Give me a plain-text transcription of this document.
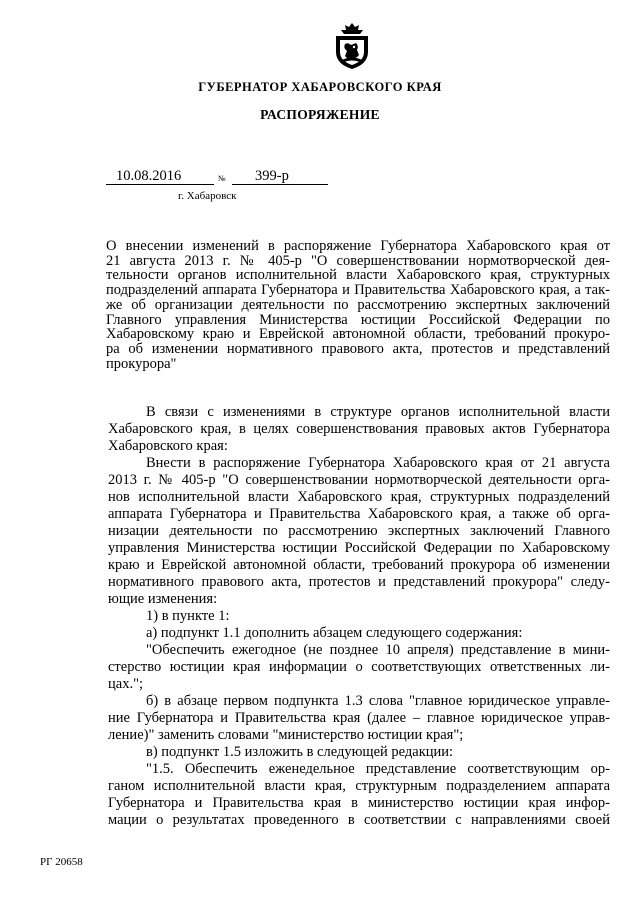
ГУБЕРНАТОР ХАБАРОВСКОГО КРАЯ
РАСПОРЯЖЕНИЕ
10.08.2016	№ 399-р
г. Хабаровск
О внесении изменений в распоряжение Губернатора Хабаровского края от
21 августа 2013 г. № 405-р "О совершенствовании нормотворческой дея-
тельности органов исполнительной власти Хабаровского края, структурных
подразделений аппарата Губернатора и Правительства Хабаровского края, а так-
же об организации деятельности по рассмотрению экспертных заключений
Главного управления Министерства юстиции Российской Федерации по
Хабаровскому краю и Еврейской автономной области, требований прокуро-
ра об изменении нормативного правового акта, протестов и представлений
прокурора"
В связи с изменениями в структуре органов исполнительной власти
Хабаровского края, в целях совершенствования правовых актов Губернатора
Хабаровского края:
Внести в распоряжение Губернатора Хабаровского края от 21 августа
2013 г. № 405-р "О совершенствовании нормотворческой деятельности орга-
нов исполнительной власти Хабаровского края, структурных подразделений
аппарата Губернатора и Правительства Хабаровского края, а также об орга-
низации деятельности по рассмотрению экспертных заключений Главного
управления Министерства юстиции Российской Федерации по Хабаровскому
краю и Еврейской автономной области, требований прокурора об изменении
нормативного правового акта, протестов и представлений прокурора" следу-
ющие изменения:
1) в пункте 1:
а) подпункт 1.1 дополнить абзацем следующего содержания:
"Обеспечить ежегодное (не позднее 10 апреля) представление в мини-
стерство юстиции края информации о соответствующих ответственных ли-
цах.";
б) в абзаце первом подпункта 1.3 слова "главное юридическое управле-
ние Губернатора и Правительства края (далее – главное юридическое управ-
ление)" заменить словами "министерство юстиции края";
в) подпункт 1.5 изложить в следующей редакции:
"1.5. Обеспечить еженедельное представление соответствующим ор-
ганом исполнительной власти края, структурным подразделением аппарата
Губернатора и Правительства края в министерство юстиции края инфор-
мации о результатах проведенного в соответствии с направлениями своей
РГ 20658
